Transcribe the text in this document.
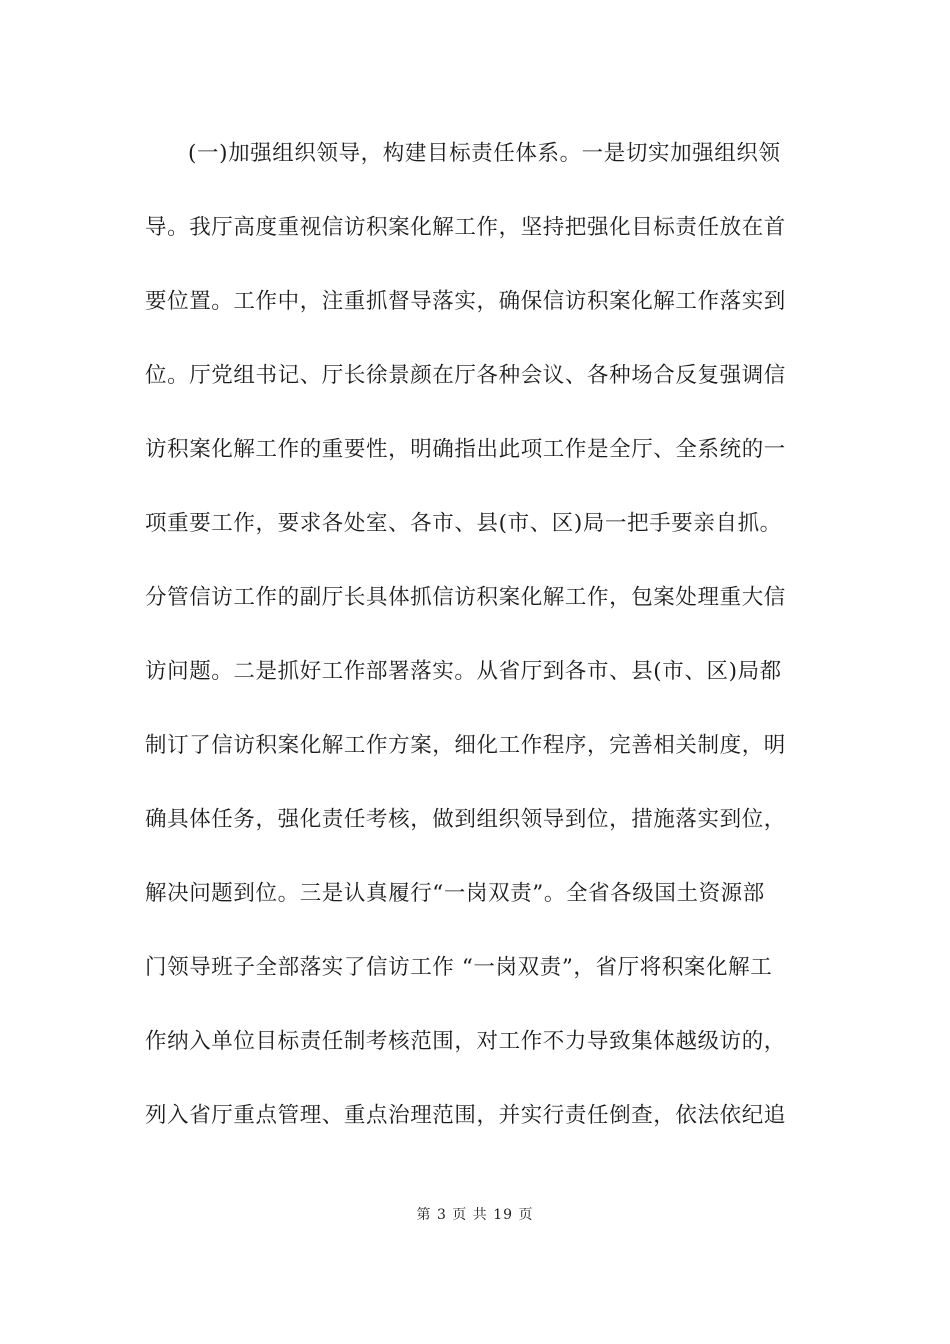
(一)加强组织领导，构建目标责任体系。一是切实加强组织领
导。我厅高度重视信访积案化解工作，坚持把强化目标责任放在首
要位置。工作中，注重抓督导落实，确保信访积案化解工作落实到
位。厅党组书记、厅长徐景颜在厅各种会议、各种场合反复强调信
访积案化解工作的重要性，明确指出此项工作是全厅、全系统的一
项重要工作，要求各处室、各市、县(市、区)局一把手要亲自抓。
分管信访工作的副厅长具体抓信访积案化解工作，包案处理重大信
访问题。二是抓好工作部署落实。从省厅到各市、县(市、区)局都
制订了信访积案化解工作方案，细化工作程序，完善相关制度，明
确具体任务，强化责任考核，做到组织领导到位，措施落实到位，
解决问题到位。三是认真履行“一岗双责”。全省各级国土资源部
门领导班子全部落实了信访工作 “一岗双责”，省厅将积案化解工
作纳入单位目标责任制考核范围，对工作不力导致集体越级访的，
列入省厅重点管理、重点治理范围，并实行责任倒查，依法依纪追
第 3 页 共 19 页
